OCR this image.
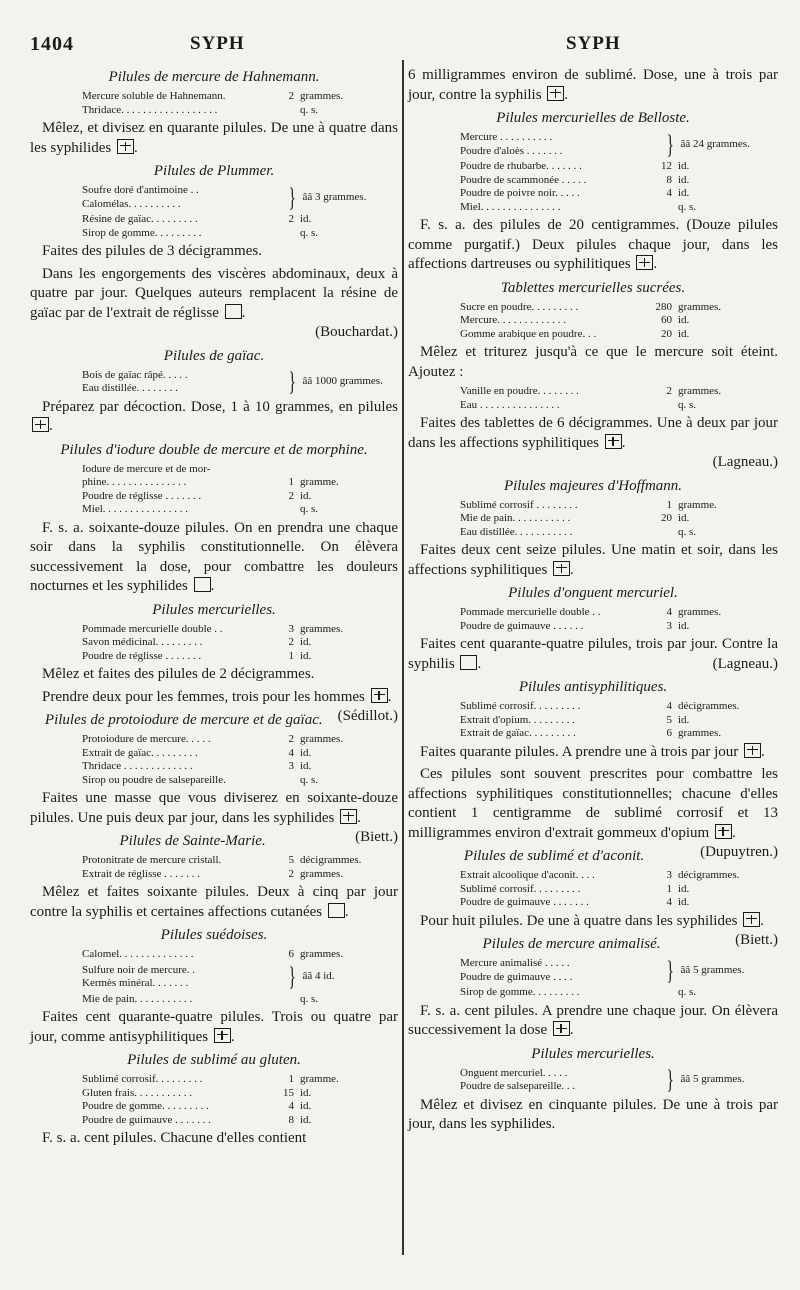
1404	SYPH	SYPH
Pilules de mercure de Hahnemann.
Mercure soluble de Hahnemann.	2 grammes.
Thridace. . . . . . . . . . . . . . . . . .	q. s.
Mêlez, et divisez en quarante pilules. De une à quatre dans les syphilides .
Pilules de Plummer.
Soufre doré d'antimoine . .
Calomélas. . . . . . . . . .	} ââ 3 grammes.
Résine de gaïac. . . . . . . . .	2 id.
Sirop de gomme. . . . . . . . .	q. s.
Faites des pilules de 3 décigrammes.
Dans les engorgements des viscères abdominaux, deux à quatre par jour. Quelques auteurs remplacent la résine de gaïac par de l'extrait de réglisse .

(Bouchardat.)

Pilules de gaïac.
Bois de gaïac râpé. . . . .
Eau distillée. . . . . . . .	} ââ 1000 grammes.
Préparez par décoction. Dose, 1 à 10 grammes, en pilules .
Pilules d'iodure double de mercure et de morphine.
Iodure de mercure et de mor-
phine. . . . . . . . . . . . . . .	1 gramme.
Poudre de réglisse . . . . . . .	2 id.
Miel. . . . . . . . . . . . . . . .	q. s.
F. s. a. soixante-douze pilules. On en prendra une chaque soir dans la syphilis constitutionnelle. On élèvera successivement la dose, pour combattre les douleurs nocturnes et les syphilides .
Pilules mercurielles.
Pommade mercurielle double . .	3 grammes.
Savon médicinal. . . . . . . . .	2 id.
Poudre de réglisse . . . . . . .	1 id.
Mêlez et faites des pilules de 2 décigrammes.
Prendre deux pour les femmes, trois pour les hommes .
(Sédillot.)
Pilules de protoiodure de mercure et de gaïac.
Protoiodure de mercure. . . . .	2 grammes.
Extrait de gaïac. . . . . . . . .	4 id.
Thridace . . . . . . . . . . . . .	3 id.
Sirop ou poudre de salsepareille.	q. s.
Faites une masse que vous diviserez en soixante-douze pilules. Une puis deux par jour, dans les syphilides .
(Biett.)
Pilules de Sainte-Marie.
Protonitrate de mercure cristall.	5 décigrammes.
Extrait de réglisse . . . . . . .	2 grammes.
Mêlez et faites soixante pilules. Deux à cinq par jour contre la syphilis et certaines affections cutanées .
Pilules suédoises.
Calomel. . . . . . . . . . . . . .	6 grammes.
Sulfure noir de mercure. .
Kermès minéral. . . . . . .	} ââ 4 id.
Mie de pain. . . . . . . . . . .	q. s.
Faites cent quarante-quatre pilules. Trois ou quatre par jour, comme antisyphilitiques .
Pilules de sublimé au gluten.
Sublimé corrosif. . . . . . . . .	1 gramme.
Gluten frais. . . . . . . . . . .	15 id.
Poudre de gomme. . . . . . . . .	4 id.
Poudre de guimauve . . . . . . .	8 id.
F. s. a. cent pilules. Chacune d'elles contient
6 milligrammes environ de sublimé. Dose, une à trois par jour, contre la syphilis .
Pilules mercurielles de Belloste.
Mercure . . . . . . . . . .
Poudre d'aloès . . . . . . .	} ââ 24 grammes.
Poudre de rhubarbe. . . . . . .	12 id.
Poudre de scammonée . . . . .	8 id.
Poudre de poivre noir. . . . .	4 id.
Miel. . . . . . . . . . . . . . .	q. s.
F. s. a. des pilules de 20 centigrammes. (Douze pilules comme purgatif.) Deux pilules chaque jour, dans les affections dartreuses ou syphilitiques .
Tablettes mercurielles sucrées.
Sucre en poudre. . . . . . . . .	280 grammes.
Mercure. . . . . . . . . . . . .	60 id.
Gomme arabique en poudre. . .	20 id.
Mêlez et triturez jusqu'à ce que le mercure soit éteint. Ajoutez :
Vanille en poudre. . . . . . . .	2 grammes.
Eau . . . . . . . . . . . . . . .	q. s.
Faites des tablettes de 6 décigrammes. Une à deux par jour dans les affections syphilitiques .

(Lagneau.)

Pilules majeures d'Hoffmann.
Sublimé corrosif . . . . . . . .	1 gramme.
Mie de pain. . . . . . . . . . .	20 id.
Eau distillée. . . . . . . . . . .	q. s.
Faites deux cent seize pilules. Une matin et soir, dans les affections syphilitiques .
Pilules d'onguent mercuriel.
Pommade mercurielle double . .	4 grammes.
Poudre de guimauve . . . . . .	3 id.
Faites cent quarante-quatre pilules, trois par jour. Contre la syphilis .	(Lagneau.)
Pilules antisyphilitiques.
Sublimé corrosif. . . . . . . . .	4 décigrammes.
Extrait d'opium. . . . . . . . .	5 id.
Extrait de gaïac. . . . . . . . .	6 grammes.
Faites quarante pilules. A prendre une à trois par jour .
Ces pilules sont souvent prescrites pour combattre les affections syphilitiques constitutionnelles; chacune d'elles contient 1 centigramme de sublimé corrosif et 13 milligrammes environ d'extrait gommeux d'opium .
(Dupuytren.)
Pilules de sublimé et d'aconit.
Extrait alcoolique d'aconit. . . .	3 décigrammes.
Sublimé corrosif. . . . . . . . .	1 id.
Poudre de guimauve . . . . . . .	4 id.
Pour huit pilules. De une à quatre dans les syphilides .
(Biett.)
Pilules de mercure animalisé.
Mercure animalisé . . . . .
Poudre de guimauve . . . .	} ââ 5 grammes.
Sirop de gomme. . . . . . . . .	q. s.
F. s. a. cent pilules. A prendre une chaque jour. On élèvera successivement la dose .
Pilules mercurielles.
Onguent mercuriel. . . . .
Poudre de salsepareille. . .	} ââ 5 grammes.
Mêlez et divisez en cinquante pilules. De une à trois par jour, dans les syphilides.
